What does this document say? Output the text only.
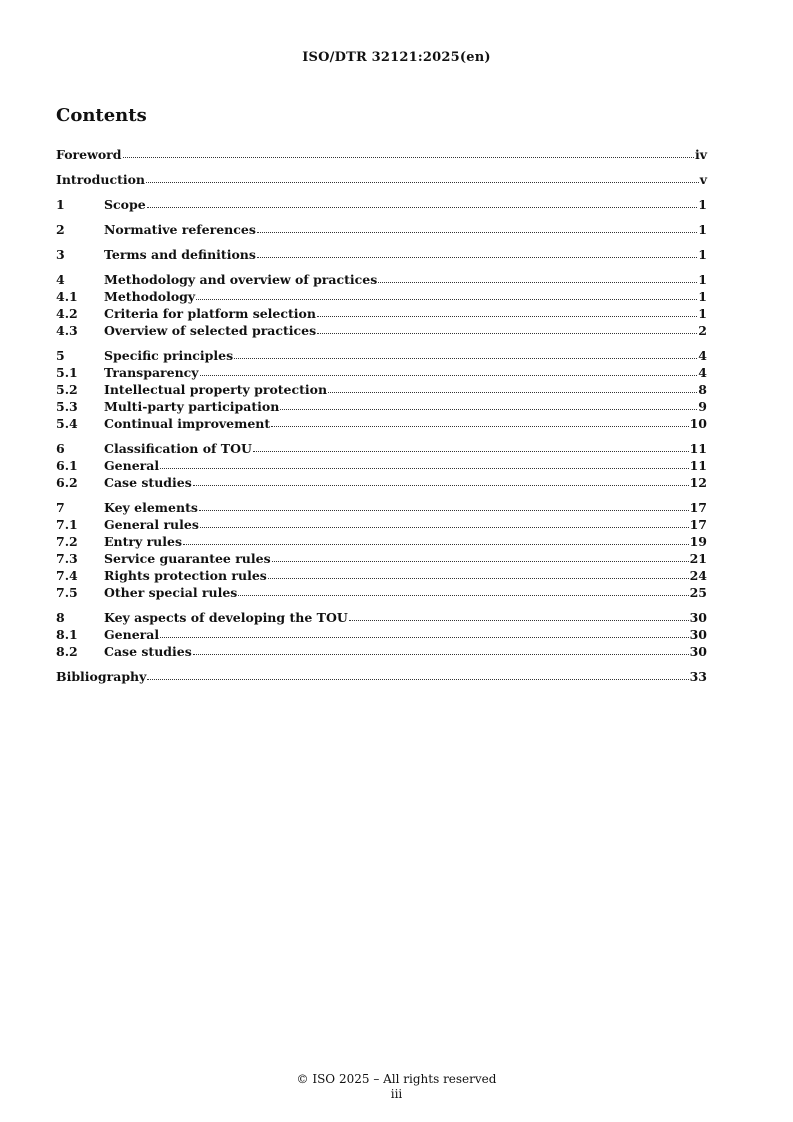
ISO/DTR 32121:2025(en)
Contents
Foreword	iv
Introduction	v
1	Scope	1
2	Normative references	1
3	Terms and definitions	1
4	Methodology and overview of practices	1
4.1	Methodology	1
4.2	Criteria for platform selection	1
4.3	Overview of selected practices	2
5	Specific principles	4
5.1	Transparency	4
5.2	Intellectual property protection	8
5.3	Multi-party participation	9
5.4	Continual improvement	10
6	Classification of TOU	11
6.1	General	11
6.2	Case studies	12
7	Key elements	17
7.1	General rules	17
7.2	Entry rules	19
7.3	Service guarantee rules	21
7.4	Rights protection rules	24
7.5	Other special rules	25
8	Key aspects of developing the TOU	30
8.1	General	30
8.2	Case studies	30
Bibliography	33
© ISO 2025 – All rights reserved
iii
